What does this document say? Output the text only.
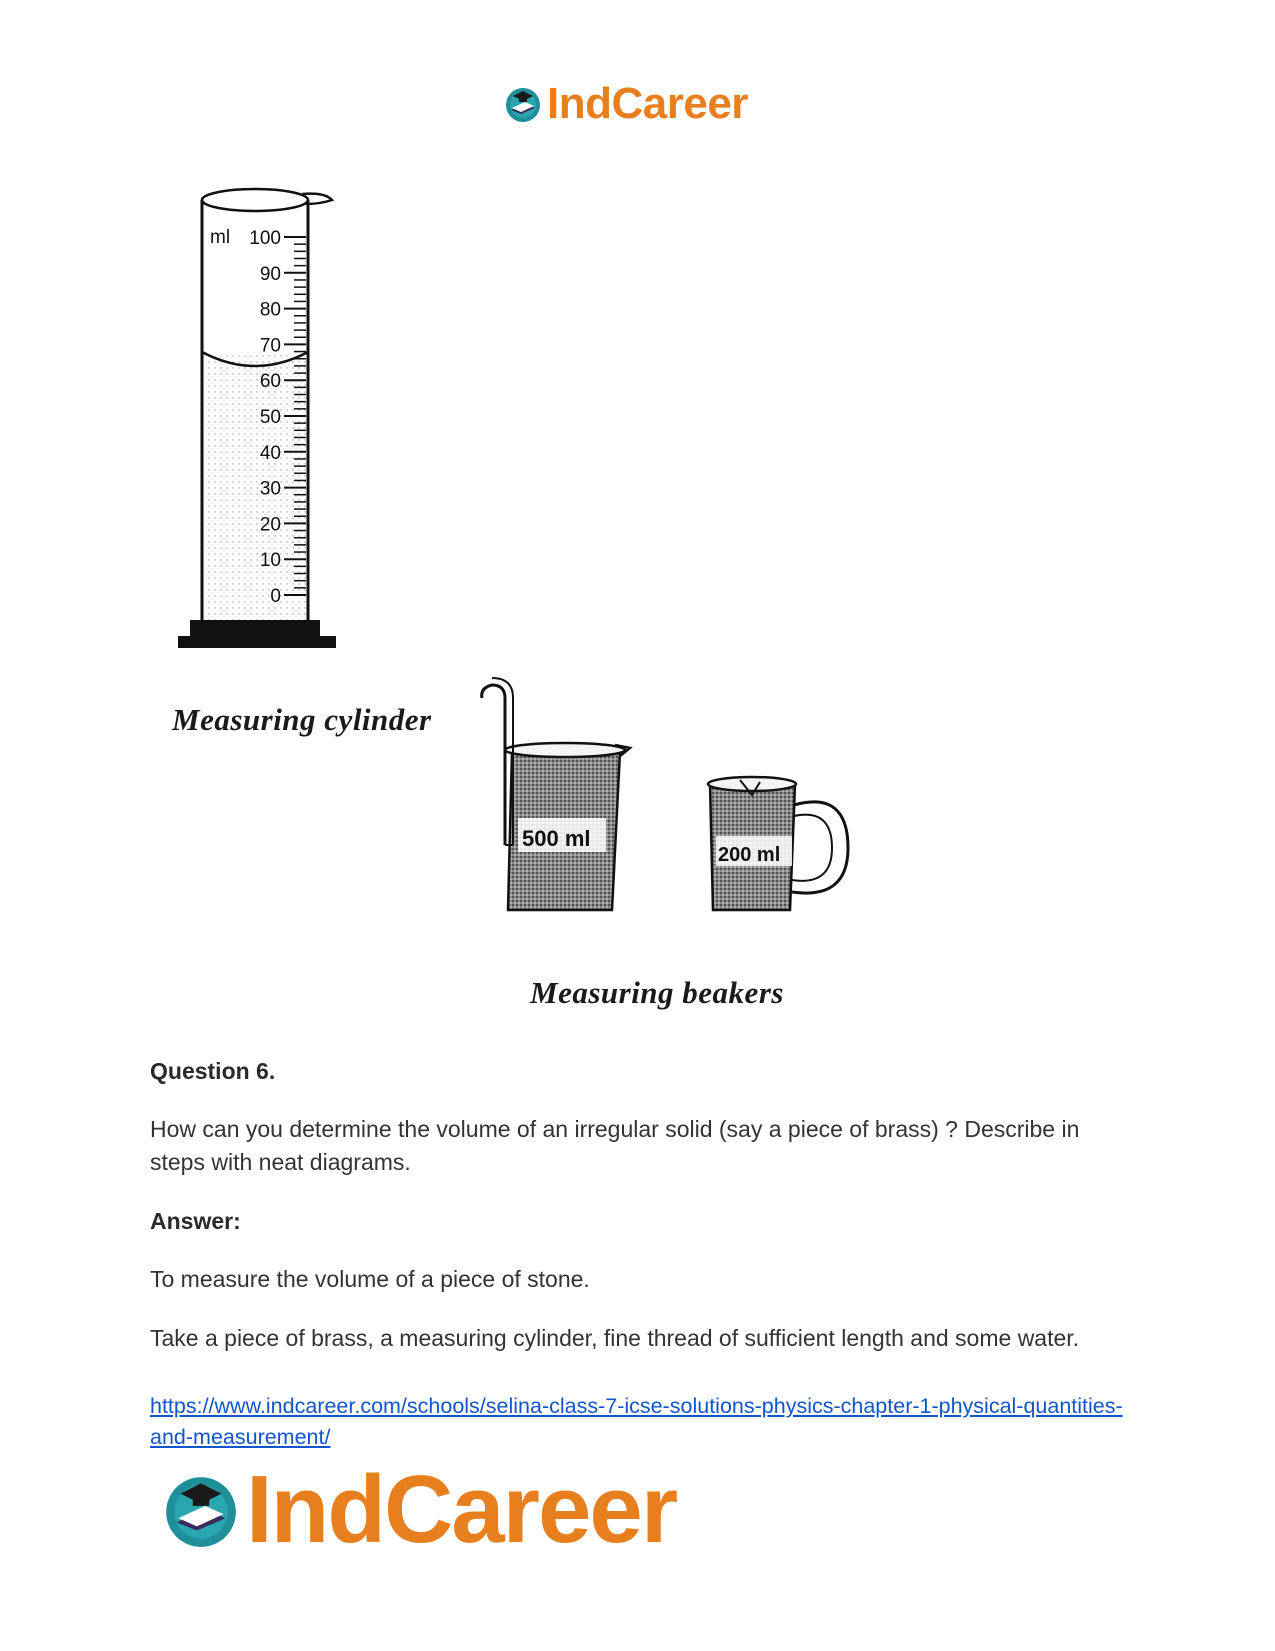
IndCareer
100
90
80
70
60
50
40
30
20
10
0
ml
500 ml
200 ml
Measuring cylinder
Measuring beakers
Question 6.
How can you determine the volume of an irregular solid (say a piece of brass) ? Describe in steps with neat diagrams.
Answer:
To measure the volume of a piece of stone.
Take a piece of brass, a measuring cylinder, fine thread of sufficient length and some water.
https://www.indcareer.com/schools/selina-class-7-icse-solutions-physics-chapter-1-physical-quantities-and-measurement/
IndCareer
